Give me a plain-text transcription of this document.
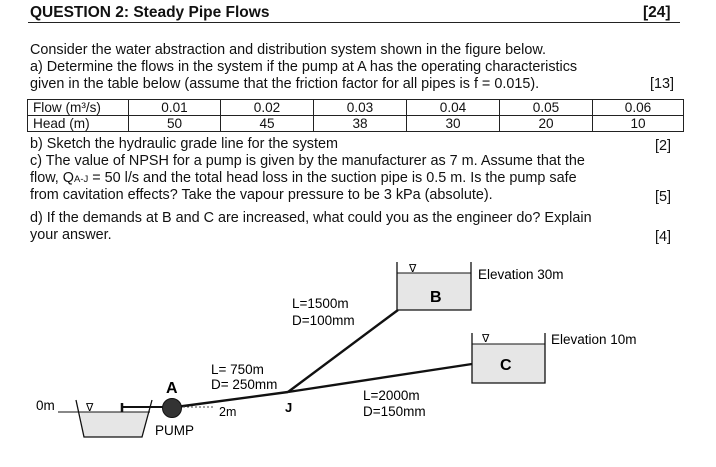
QUESTION 2: Steady Pipe Flows	[24]
Consider the water abstraction and distribution system shown in the figure below.
a) Determine the flows in the system if the pump at A has the operating characteristics
given in the table below (assume that the friction factor for all pipes is f = 0.015).	[13]
Flow (m³/s)	0.01	0.02	0.03	0.04	0.05	0.06
Head (m)	50	45	38	30	20	10
b) Sketch the hydraulic grade line for the system	[2]
c) The value of NPSH for a pump is given by the manufacturer as 7 m. Assume that the
flow, QA-J = 50 l/s and the total head loss in the suction pipe is 0.5 m. Is the pump safe
from cavitation effects? Take the vapour pressure to be 3 kPa (absolute).	[5]
d) If the demands at B and C are increased, what could you as the engineer do? Explain
your answer.	[4]
∇
B
Elevation 30m
∇
C
Elevation 10m
∇
0m
A
PUMP
2m	J
L=1500m
D=100mm
L= 750m
D= 250mm
L=2000m
D=150mm
